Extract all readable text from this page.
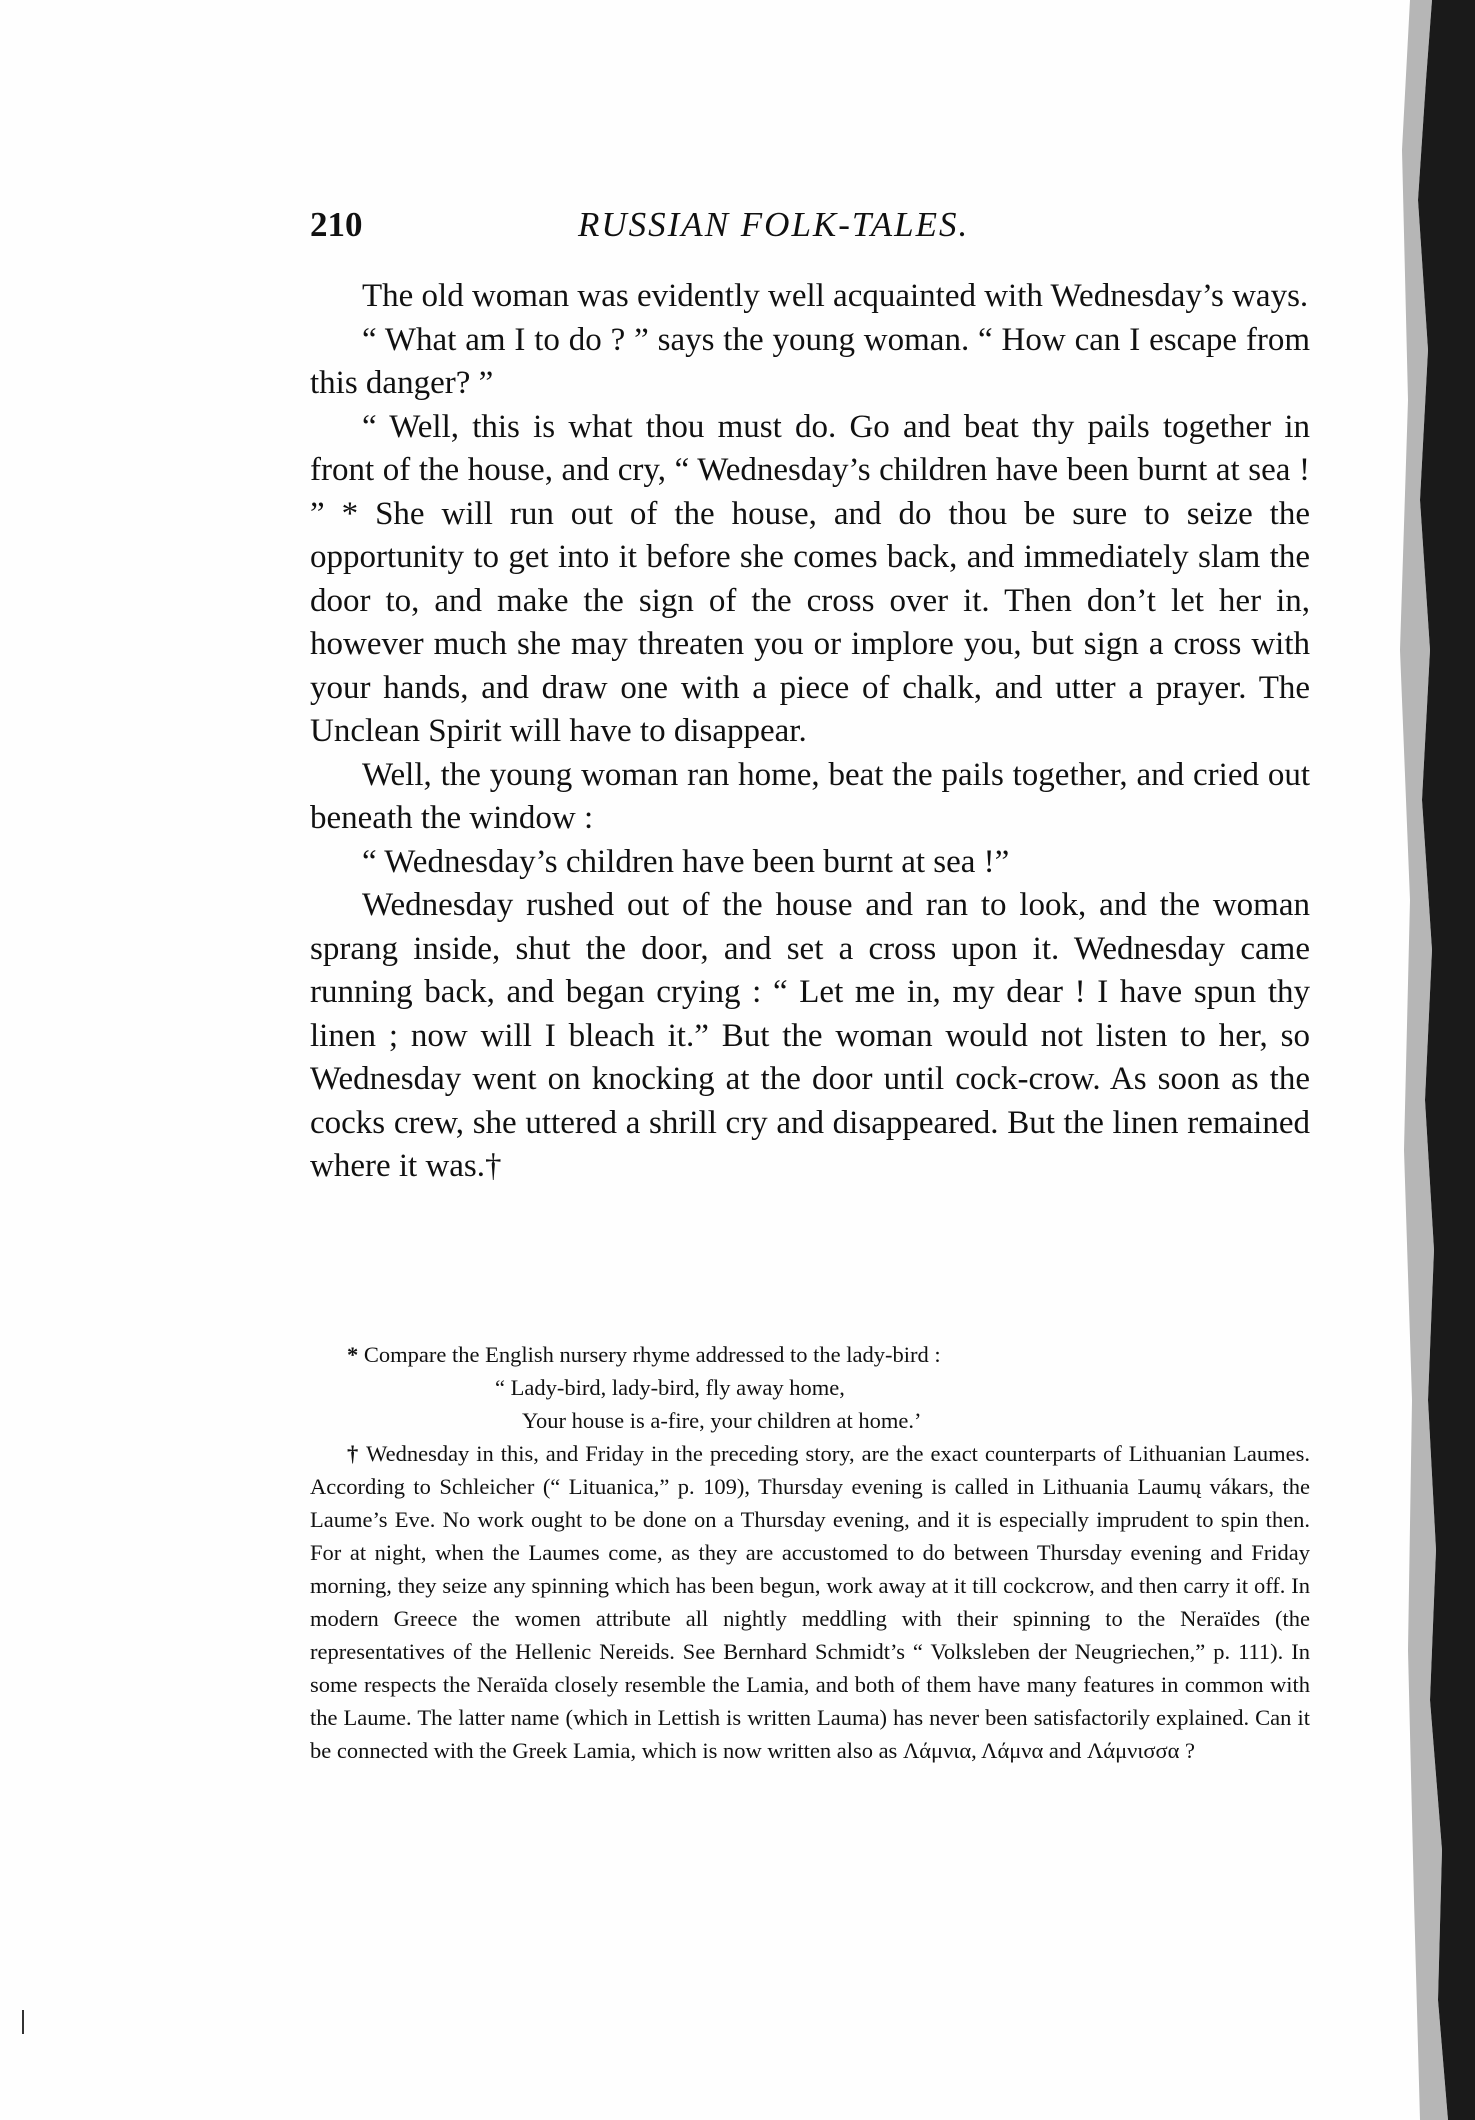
210	RUSSIAN FOLK-TALES.

The old woman was evidently well acquainted with Wednesday’s ways.

“ What am I to do ? ” says the young woman. “ How can I escape from this danger? ”

“ Well, this is what thou must do. Go and beat thy pails together in front of the house, and cry, “ Wednesday’s children have been burnt at sea ! ” * She will run out of the house, and do thou be sure to seize the opportunity to get into it before she comes back, and immediately slam the door to, and make the sign of the cross over it. Then don’t let her in, however much she may threaten you or implore you, but sign a cross with your hands, and draw one with a piece of chalk, and utter a prayer. The Unclean Spirit will have to disappear.

Well, the young woman ran home, beat the pails together, and cried out beneath the window :

“ Wednesday’s children have been burnt at sea !”

Wednesday rushed out of the house and ran to look, and the woman sprang inside, shut the door, and set a cross upon it. Wednesday came running back, and began crying : “ Let me in, my dear ! I have spun thy linen ; now will I bleach it.” But the woman would not listen to her, so Wednesday went on knocking at the door until cock-crow. As soon as the cocks crew, she uttered a shrill cry and disappeared. But the linen remained where it was.†

* Compare the English nursery rhyme addressed to the lady-bird :

“ Lady-bird, lady-bird, fly away home,

Your house is a-fire, your children at home.’

† Wednesday in this, and Friday in the preceding story, are the exact counterparts of Lithuanian Laumes. According to Schleicher (“ Lituanica,” p. 109), Thursday evening is called in Lithuania Laumų vákars, the Laume’s Eve. No work ought to be done on a Thursday evening, and it is especially imprudent to spin then. For at night, when the Laumes come, as they are accustomed to do between Thursday evening and Friday morning, they seize any spinning which has been begun, work away at it till cockcrow, and then carry it off. In modern Greece the women attribute all nightly meddling with their spinning to the Neraïdes (the representatives of the Hellenic Nereids. See Bernhard Schmidt’s “ Volksleben der Neugriechen,” p. 111). In some respects the Neraïda closely resemble the Lamia, and both of them have many features in common with the Laume. The latter name (which in Lettish is written Lauma) has never been satisfactorily explained. Can it be connected with the Greek Lamia, which is now written also as Λάμνια, Λάμνα and Λάμνισσα ?
